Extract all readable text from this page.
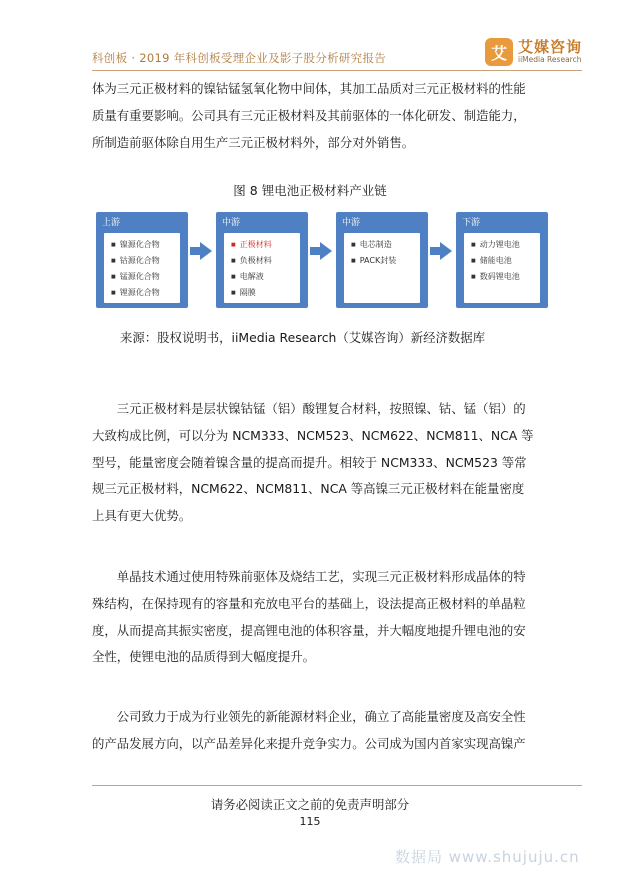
科创板 · 2019 年科创板受理企业及影子股分析研究报告	艾 艾媒咨询
iiMedia Research

体为三元正极材料的镍钴锰氢氧化物中间体，其加工品质对三元正极材料的性能
质量有重要影响。公司具有三元正极材料及其前驱体的一体化研发、制造能力，
所制造前驱体除自用生产三元正极材料外，部分对外销售。

图 8 锂电池正极材料产业链
上游
■ 镍源化合物
■ 钴源化合物
■ 锰源化合物
■ 锂源化合物
中游
■ 正极材料
■ 负极材料
■ 电解液
■ 隔膜
中游
■ 电芯制造
■ PACK封装
下游
■ 动力锂电池
■ 储能电池
■ 数码锂电池
来源：股权说明书，iiMedia Research（艾媒咨询）新经济数据库

　　三元正极材料是层状镍钴锰（铝）酸锂复合材料，按照镍、钴、锰（铝）的
大致构成比例，可以分为 NCM333、NCM523、NCM622、NCM811、NCA 等
型号，能量密度会随着镍含量的提高而提升。相较于 NCM333、NCM523 等常
规三元正极材料，NCM622、NCM811、NCA 等高镍三元正极材料在能量密度
上具有更大优势。

　　单晶技术通过使用特殊前驱体及烧结工艺，实现三元正极材料形成晶体的特
殊结构，在保持现有的容量和充放电平台的基础上，设法提高正极材料的单晶粒
度，从而提高其振实密度，提高锂电池的体积容量，并大幅度地提升锂电池的安
全性，使锂电池的品质得到大幅度提升。

　　公司致力于成为行业领先的新能源材料企业，确立了高能量密度及高安全性
的产品发展方向，以产品差异化来提升竞争实力。公司成为国内首家实现高镍产

请务必阅读正文之前的免责声明部分
115
数据局 www.shujuju.cn
